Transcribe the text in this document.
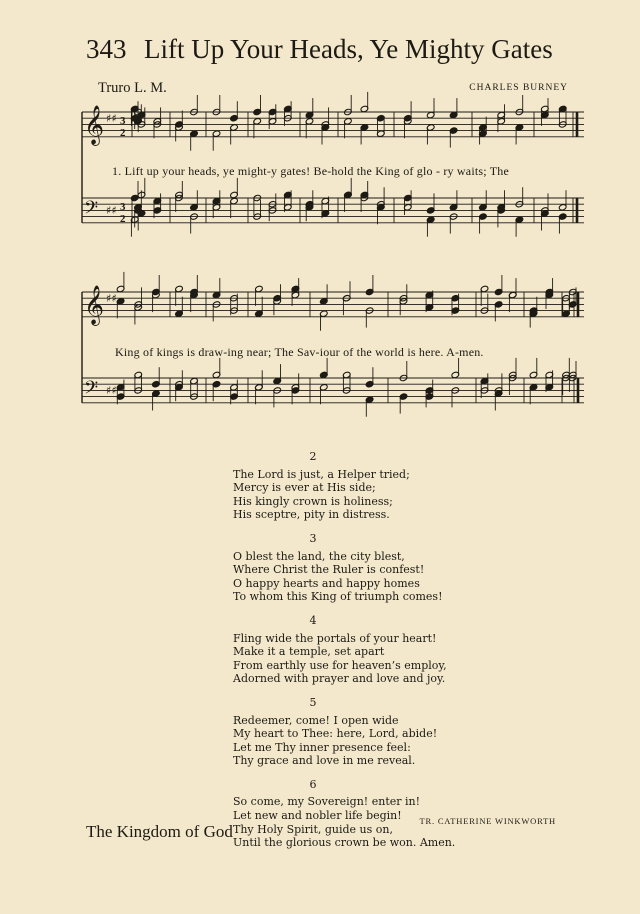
343 Lift Up Your Heads, Ye Mighty Gates
Truro L. M.	CHARLES BURNEY
𝄞 ♯♯ 3
2
𝄢 ♯♯ 3
2
𝄞 ♯♯
𝄢 ♯♯
1. Lift up your heads, ye might-y gates! Be-hold the King of glo - ry waits; The
King of kings is draw-ing near; The Sav-iour of the world is here. A-men.
2
The Lord is just, a Helper tried;
Mercy is ever at His side;
His kingly crown is holiness;
His sceptre, pity in distress.
3
O blest the land, the city blest,
Where Christ the Ruler is confest!
O happy hearts and happy homes
To whom this King of triumph comes!
4
Fling wide the portals of your heart!
Make it a temple, set apart
From earthly use for heaven’s employ,
Adorned with prayer and love and joy.
5
Redeemer, come! I open wide
My heart to Thee: here, Lord, abide!
Let me Thy inner presence feel:
Thy grace and love in me reveal.
6
So come, my Sovereign! enter in!
Let new and nobler life begin!
Thy Holy Spirit, guide us on,
Until the glorious crown be won. Amen.
TR. CATHERINE WINKWORTH
The Kingdom of God
